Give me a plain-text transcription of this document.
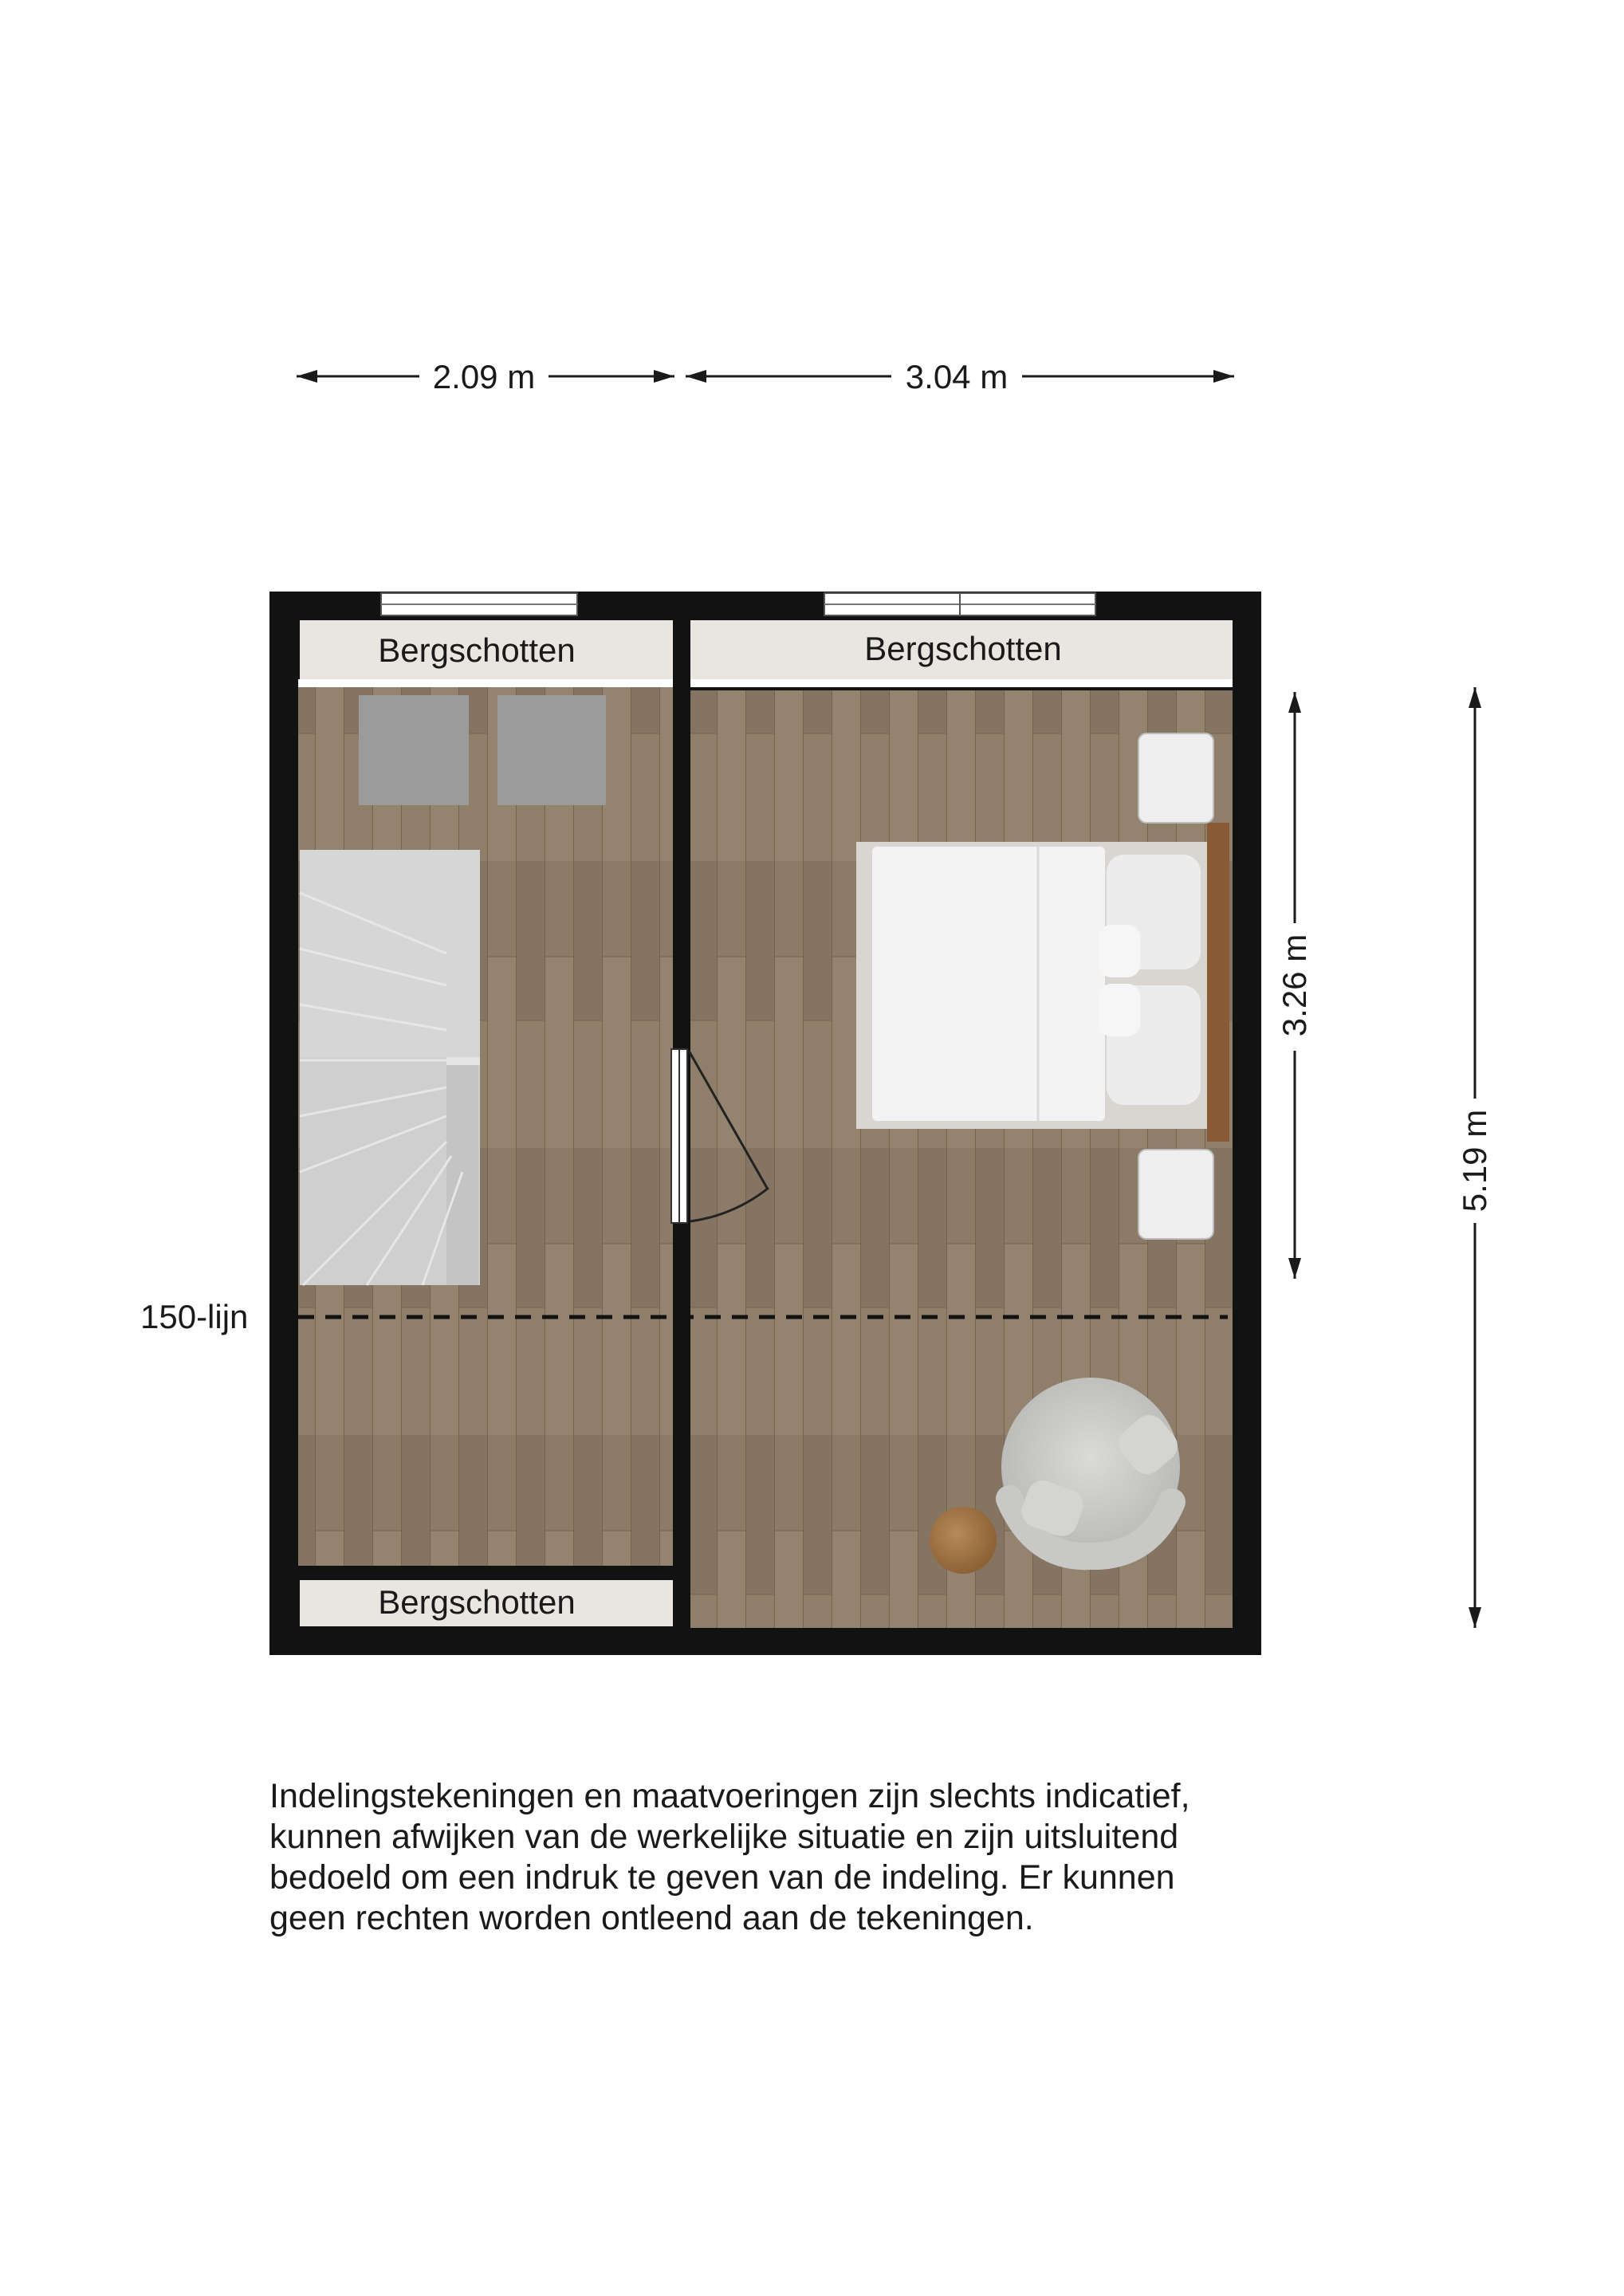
2.09 m	3.04 m
3.26 m
5.19 m
Bergschotten	Bergschotten
Bergschotten
150-lijn
Indelingstekeningen en maatvoeringen zijn slechts indicatief,
kunnen afwijken van de werkelijke situatie en zijn uitsluitend
bedoeld om een indruk te geven van de indeling. Er kunnen
geen rechten worden ontleend aan de tekeningen.
